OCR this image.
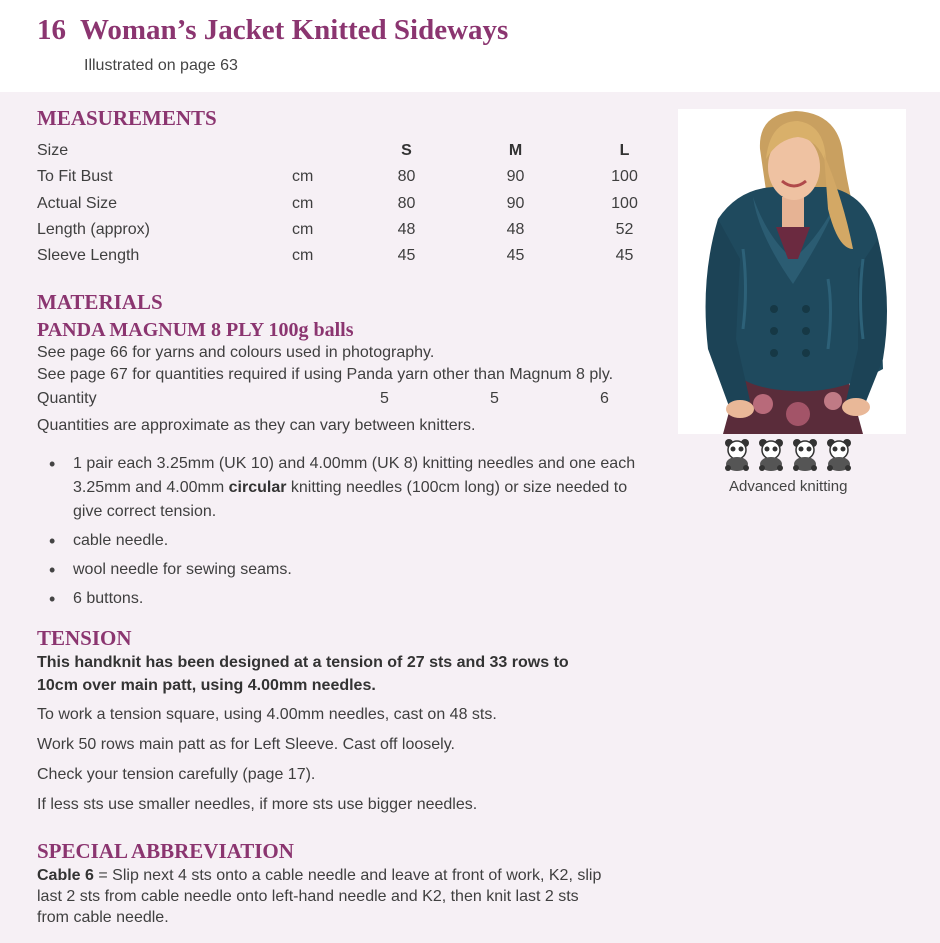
16 Woman’s Jacket Knitted Sideways
Illustrated on page 63
MEASUREMENTS
Size		S	M	L
To Fit Bust	cm	80	90	100
Actual Size	cm	80	90	100
Length (approx)	cm	48	48	52
Sleeve Length	cm	45	45	45
MATERIALS
PANDA MAGNUM 8 PLY 100g balls
See page 66 for yarns and colours used in photography.
See page 67 for quantities required if using Panda yarn other than Magnum 8 ply.
Quantity	5	5	6
Quantities are approximate as they can vary between knitters.
• 1 pair each 3.25mm (UK 10) and 4.00mm (UK 8) knitting needles and one each 3.25mm and 4.00mm circular knitting needles (100cm long) or size needed to give correct tension.
• cable needle.
• wool needle for sewing seams.
• 6 buttons.
TENSION
This handknit has been designed at a tension of 27 sts and 33 rows to
10cm over main patt, using 4.00mm needles.
To work a tension square, using 4.00mm needles, cast on 48 sts.
Work 50 rows main patt as for Left Sleeve. Cast off loosely.
Check your tension carefully (page 17).
If less sts use smaller needles, if more sts use bigger needles.
SPECIAL ABBREVIATION
Cable 6 = Slip next 4 sts onto a cable needle and leave at front of work, K2, slip
last 2 sts from cable needle onto left-hand needle and K2, then knit last 2 sts
from cable needle.
Advanced knitting
